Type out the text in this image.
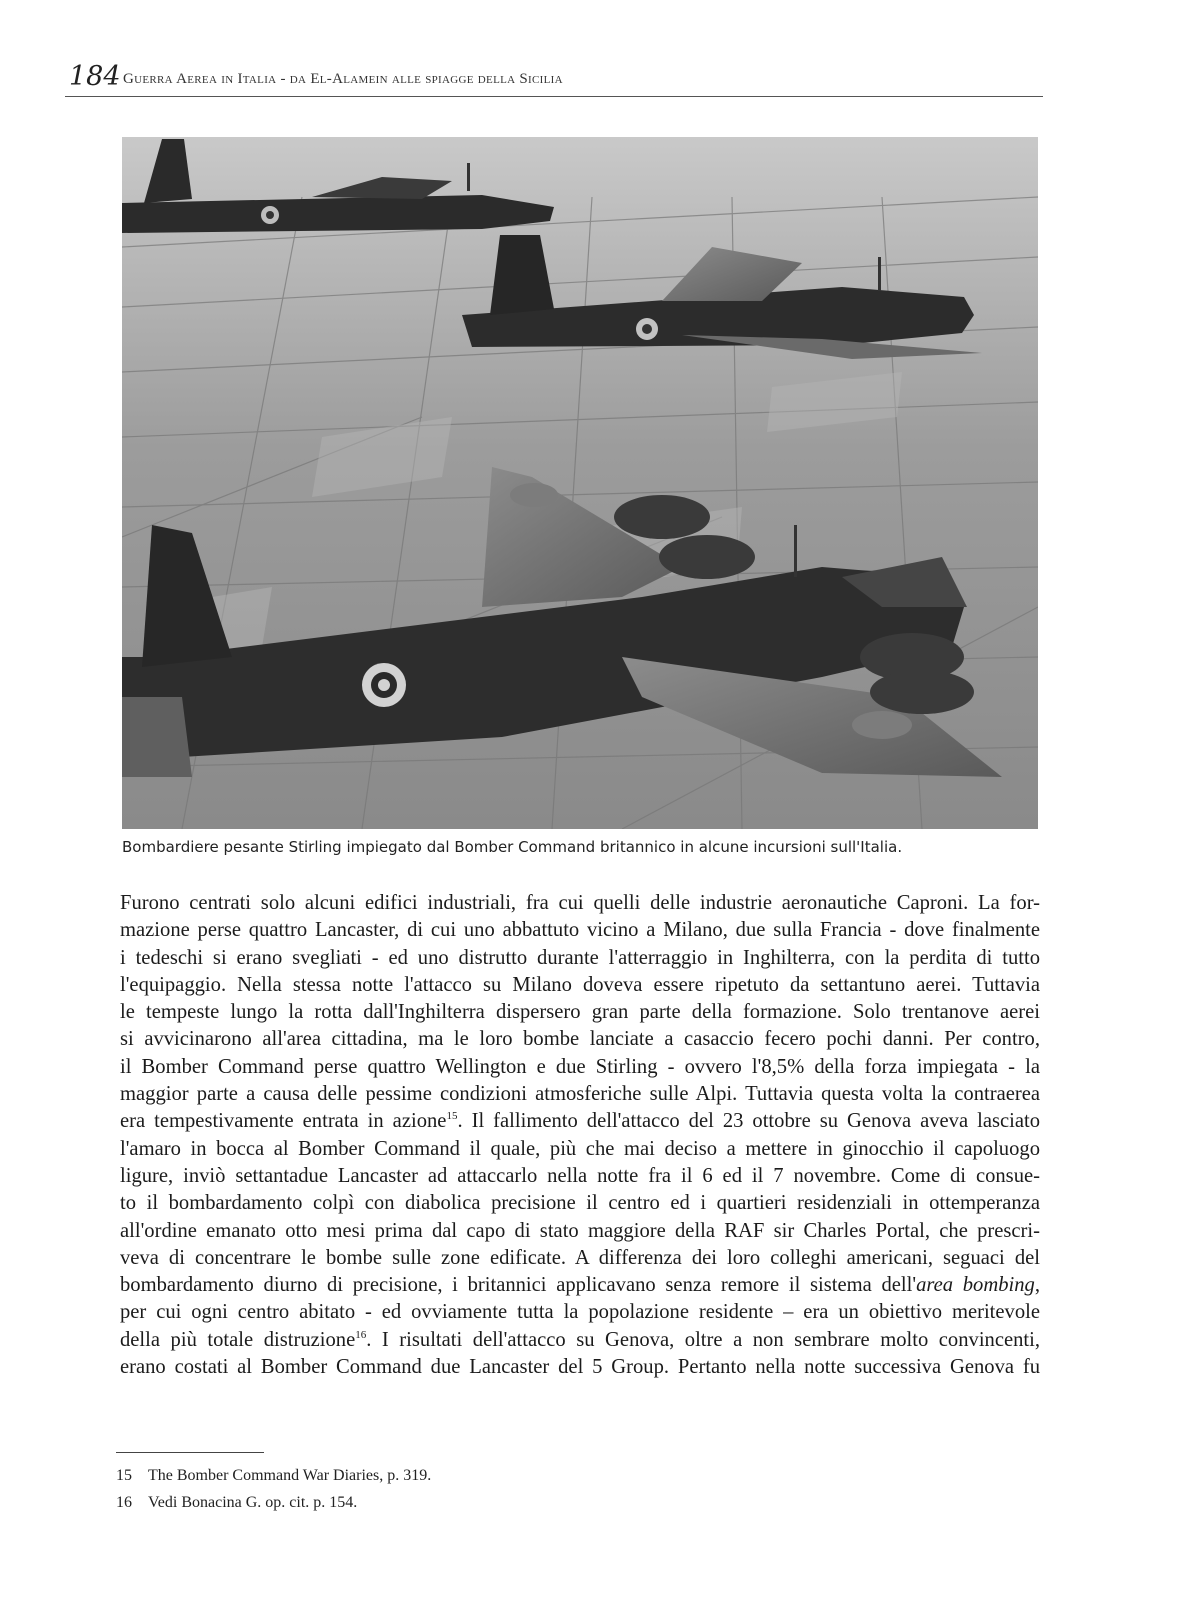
184 Guerra Aerea in Italia - da El-Alamein alle spiagge della Sicilia
Bombardiere pesante Stirling impiegato dal Bomber Command britannico in alcune incursioni sull'Italia.
Furono centrati solo alcuni edifici industriali, fra cui quelli delle industrie aeronautiche Caproni. La for-
mazione perse quattro Lancaster, di cui uno abbattuto vicino a Milano, due sulla Francia - dove finalmente
i tedeschi si erano svegliati - ed uno distrutto durante l'atterraggio in Inghilterra, con la perdita di tutto
l'equipaggio. Nella stessa notte l'attacco su Milano doveva essere ripetuto da settantuno aerei. Tuttavia
le tempeste lungo la rotta dall'Inghilterra dispersero gran parte della formazione. Solo trentanove aerei
si avvicinarono all'area cittadina, ma le loro bombe lanciate a casaccio fecero pochi danni. Per contro,
il Bomber Command perse quattro Wellington e due Stirling - ovvero l'8,5% della forza impiegata - la
maggior parte a causa delle pessime condizioni atmosferiche sulle Alpi. Tuttavia questa volta la contraerea
era tempestivamente entrata in azione$^{15}$. Il fallimento dell'attacco del 23 ottobre su Genova aveva lasciato
l'amaro in bocca al Bomber Command il quale, più che mai deciso a mettere in ginocchio il capoluogo
ligure, inviò settantadue Lancaster ad attaccarlo nella notte fra il 6 ed il 7 novembre. Come di consue-
to il bombardamento colpì con diabolica precisione il centro ed i quartieri residenziali in ottemperanza
all'ordine emanato otto mesi prima dal capo di stato maggiore della RAF sir Charles Portal, che prescri-
veva di concentrare le bombe sulle zone edificate. A differenza dei loro colleghi americani, seguaci del
bombardamento diurno di precisione, i britannici applicavano senza remore il sistema dell'area bombing,
per cui ogni centro abitato - ed ovviamente tutta la popolazione residente – era un obiettivo meritevole
della più totale distruzione$^{16}$. I risultati dell'attacco su Genova, oltre a non sembrare molto convincenti,
erano costati al Bomber Command due Lancaster del 5 Group. Pertanto nella notte successiva Genova fu
15 The Bomber Command War Diaries, p. 319.
16 Vedi Bonacina G. op. cit. p. 154.
